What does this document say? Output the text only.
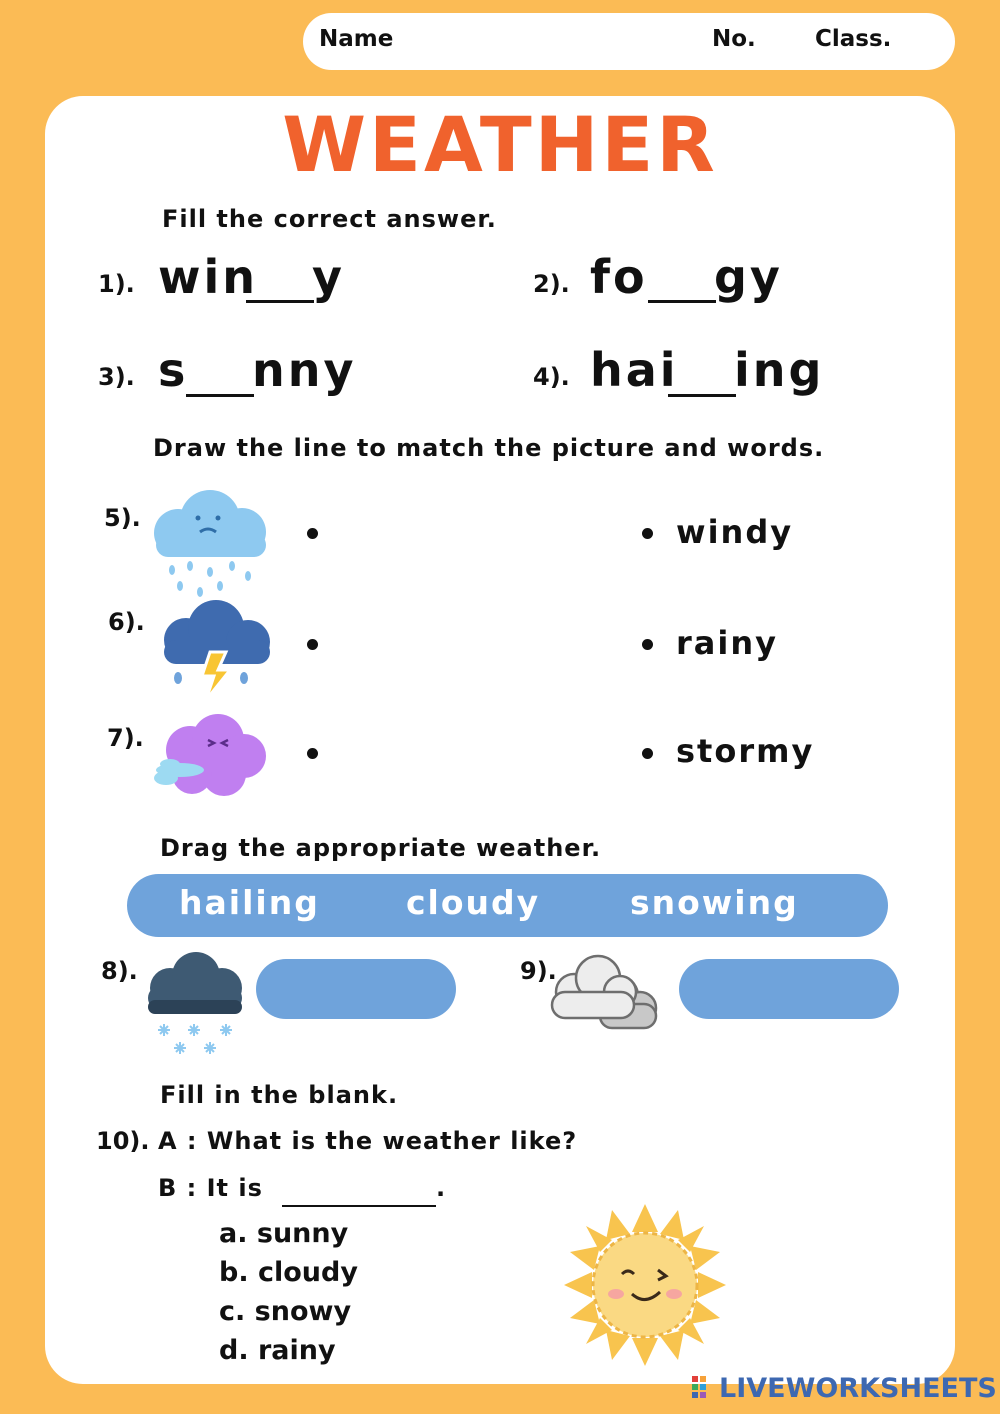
Name	No.	Class.
WEATHER
Fill the correct answer.
1). win y	2). fo gy
3). s nny	4). hai ing
Draw the line to match the picture and words.
5).	windy
6).
rainy
7).	stormy
Drag the appropriate weather.
hailing	cloudy	snowing
8).	9).
Fill in the blank.
10). A : What is the weather like?
B : It is	.
a. sunny
b. cloudy
c. snowy
d. rainy
LIVEWORKSHEETS
